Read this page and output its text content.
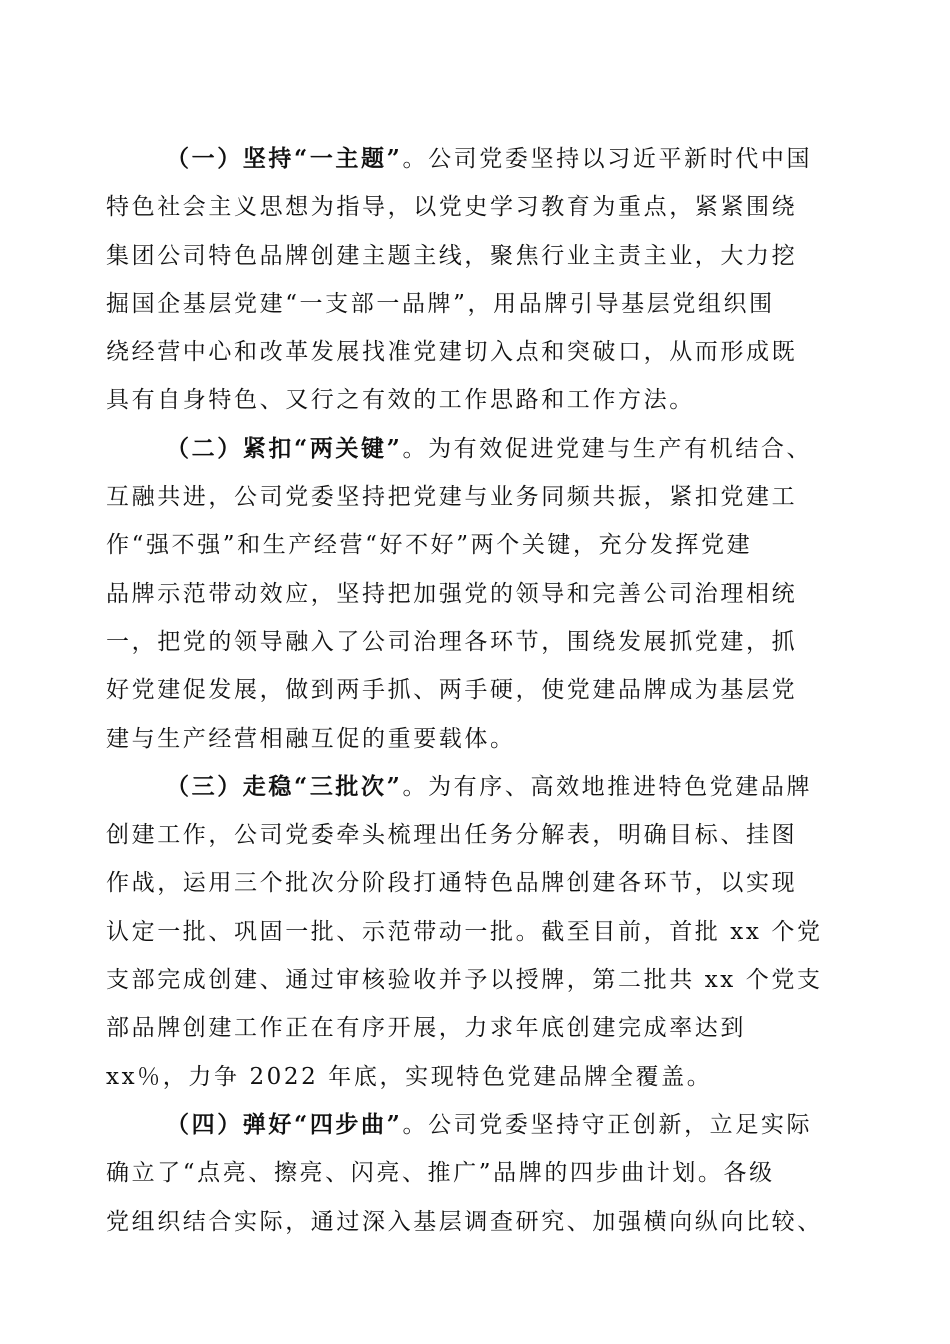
（一）坚持“一主题”。公司党委坚持以习近平新时代中国
特色社会主义思想为指导，以党史学习教育为重点，紧紧围绕
集团公司特色品牌创建主题主线，聚焦行业主责主业，大力挖
掘国企基层党建“一支部一品牌”，用品牌引导基层党组织围
绕经营中心和改革发展找准党建切入点和突破口，从而形成既
具有自身特色、又行之有效的工作思路和工作方法。

（二）紧扣“两关键”。为有效促进党建与生产有机结合、
互融共进，公司党委坚持把党建与业务同频共振，紧扣党建工
作“强不强”和生产经营“好不好”两个关键，充分发挥党建
品牌示范带动效应，坚持把加强党的领导和完善公司治理相统
一，把党的领导融入了公司治理各环节，围绕发展抓党建，抓
好党建促发展，做到两手抓、两手硬，使党建品牌成为基层党
建与生产经营相融互促的重要载体。

（三）走稳“三批次”。为有序、高效地推进特色党建品牌
创建工作，公司党委牵头梳理出任务分解表，明确目标、挂图
作战，运用三个批次分阶段打通特色品牌创建各环节，以实现
认定一批、巩固一批、示范带动一批。截至目前，首批 xx 个党
支部完成创建、通过审核验收并予以授牌，第二批共 xx 个党支
部品牌创建工作正在有序开展，力求年底创建完成率达到
xx％，力争 2022 年底，实现特色党建品牌全覆盖。

（四）弹好“四步曲”。公司党委坚持守正创新，立足实际
确立了“点亮、擦亮、闪亮、推广”品牌的四步曲计划。各级
党组织结合实际，通过深入基层调查研究、加强横向纵向比较、
